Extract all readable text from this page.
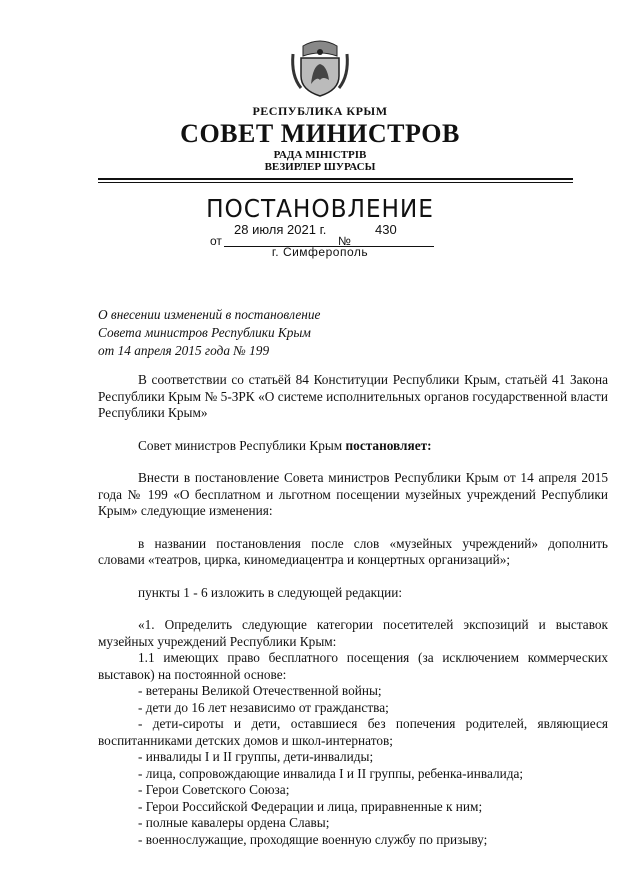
РЕСПУБЛИКА КРЫМ
СОВЕТ МИНИСТРОВ
РАДА МІНІСТРІВ
ВЕЗИРЛЕР ШУРАСЫ
ПОСТАНОВЛЕНИЕ
от
28 июля 2021 г.
№
430
г. Симферополь
О внесении изменений в постановление
Совета министров Республики Крым
от 14 апреля 2015 года № 199

В соответствии со статьёй 84 Конституции Республики Крым, статьёй 41 Закона Республики Крым № 5-ЗРК «О системе исполнительных органов государственной власти Республики Крым»

Совет министров Республики Крым постановляет:

Внести в постановление Совета министров Республики Крым от 14 апреля 2015 года № 199 «О бесплатном и льготном посещении музейных учреждений Республики Крым» следующие изменения:

в названии постановления после слов «музейных учреждений» дополнить словами «театров, цирка, киномедиацентра и концертных организаций»;

пункты 1 - 6 изложить в следующей редакции:

«1. Определить следующие категории посетителей экспозиций и выставок музейных учреждений Республики Крым:

1.1 имеющих право бесплатного посещения (за исключением коммерческих выставок) на постоянной основе:

- ветераны Великой Отечественной войны;
- дети до 16 лет независимо от гражданства;

- дети-сироты и дети, оставшиеся без попечения родителей, являющиеся воспитанниками детских домов и школ-интернатов;

- инвалиды I и II группы, дети-инвалиды;
- лица, сопровождающие инвалида I и II группы, ребенка-инвалида;
- Герои Советского Союза;
- Герои Российской Федерации и лица, приравненные к ним;
- полные кавалеры ордена Славы;
- военнослужащие, проходящие военную службу по призыву;
